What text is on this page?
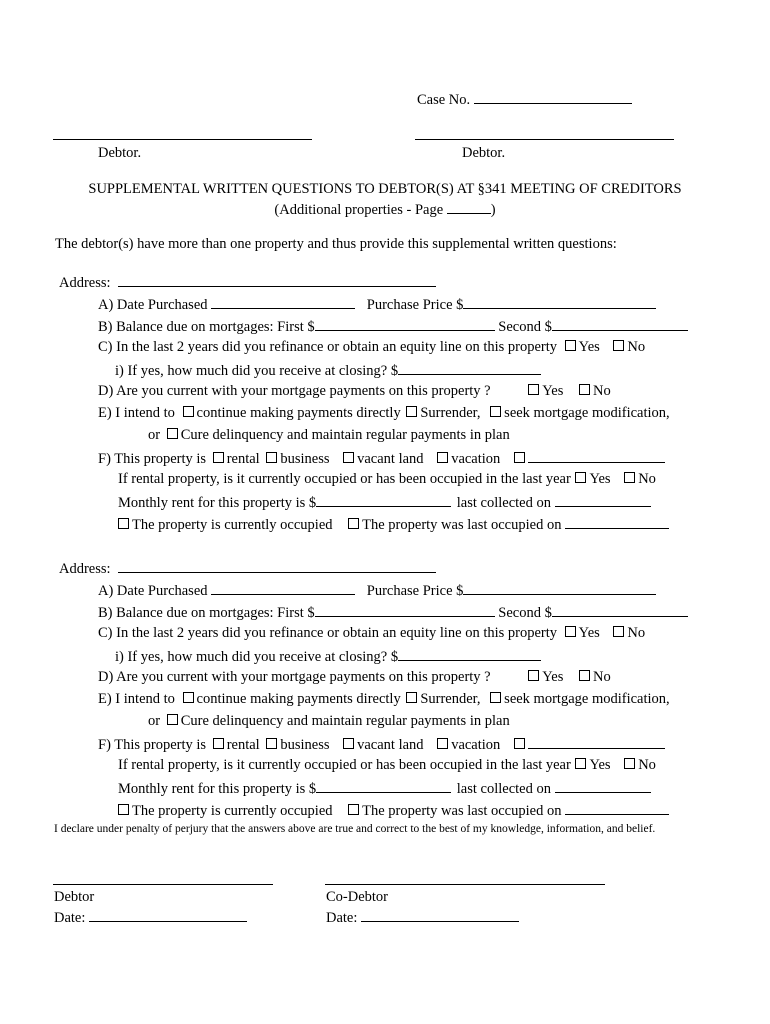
Case No.
Debtor.	Debtor.
SUPPLEMENTAL WRITTEN QUESTIONS TO DEBTOR(S) AT §341 MEETING OF CREDITORS
(Additional properties - Page	)
The debtor(s) have more than one property and thus provide this supplemental written questions:
Address:
A) Date Purchased	Purchase Price $
B) Balance due on mortgages: First $	Second $
C) In the last 2 years did you refinance or obtain an equity line on this property Yes No
i) If yes, how much did you receive at closing? $
D) Are you current with your mortgage payments on this property ?	Yes No
E) I intend to continue making payments directly Surrender, seek mortgage modification,
or Cure delinquency and maintain regular payments in plan
F) This property is rental business vacant land vacation
If rental property, is it currently occupied or has been occupied in the last year Yes No
Monthly rent for this property is $	last collected on
The property is currently occupied The property was last occupied on
Address:
A) Date Purchased	Purchase Price $
B) Balance due on mortgages: First $	Second $
C) In the last 2 years did you refinance or obtain an equity line on this property Yes No
i) If yes, how much did you receive at closing? $
D) Are you current with your mortgage payments on this property ?	Yes No
E) I intend to continue making payments directly Surrender, seek mortgage modification,
or Cure delinquency and maintain regular payments in plan
F) This property is rental business vacant land vacation
If rental property, is it currently occupied or has been occupied in the last year Yes No
Monthly rent for this property is $	last collected on
The property is currently occupied The property was last occupied on
I declare under penalty of perjury that the answers above are true and correct to the best of my knowledge, information, and belief.
Debtor
Date:
Co-Debtor
Date:
